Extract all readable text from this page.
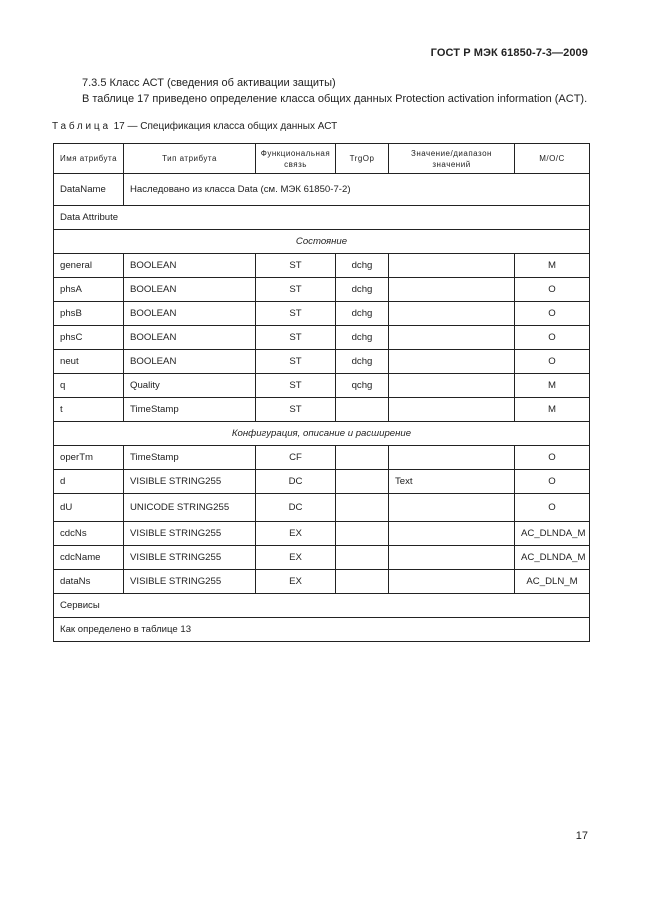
ГОСТ Р МЭК 61850-7-3—2009
7.3.5 Класс АСТ (сведения об активации защиты)
В таблице 17 приведено определение класса общих данных Protection activation information (ACT).
Таблица 17 — Спецификация класса общих данных АСТ
Имя атрибута	Тип атрибута	Функциональная связь	TrgOp	Значение/диапазон значений	М/О/С
DataName	Наследовано из класса Data (см. МЭК 61850-7-2)				
Data Attribute					
Состояние					
general	BOOLEAN	ST	dchg		M
phsA	BOOLEAN	ST	dchg		O
phsB	BOOLEAN	ST	dchg		O
phsC	BOOLEAN	ST	dchg		O
neut	BOOLEAN	ST	dchg		O
q	Quality	ST	qchg		M
t	TimeStamp	ST			M
Конфигурация, описание и расширение					
operTm	TimeStamp	CF			O
d	VISIBLE STRING255	DC		Text	O
dU	UNICODE STRING255	DC			O
cdcNs	VISIBLE STRING255	EX			AC_DLNDA_M
cdcName	VISIBLE STRING255	EX			AC_DLNDA_M
dataNs	VISIBLE STRING255	EX			AC_DLN_M
Сервисы					
Как определено в таблице 13					
17
